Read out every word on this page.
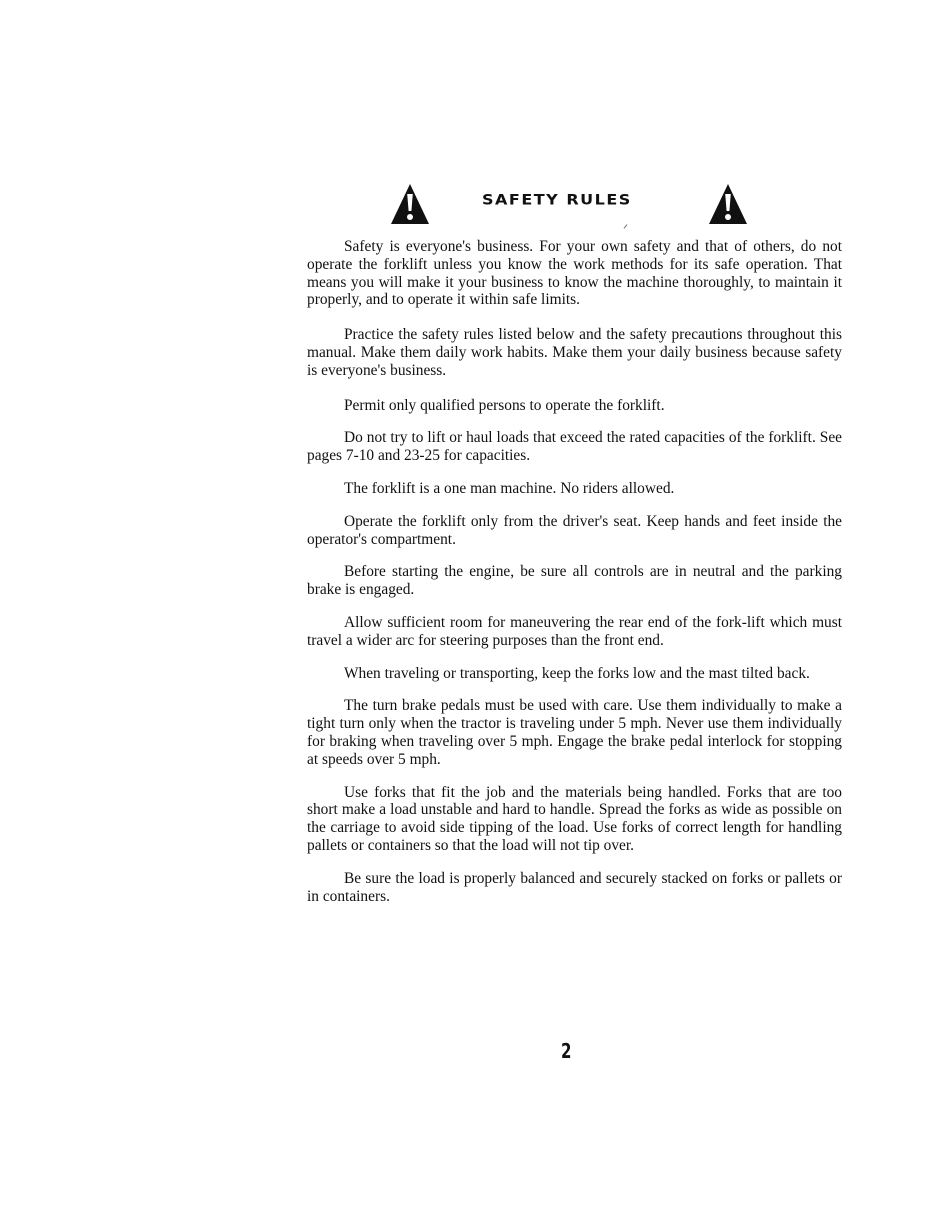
SAFETY RULES

Safety is everyone's business. For your own safety and that of others, do not operate the forklift unless you know the work methods for its safe operation. That means you will make it your business to know the machine thoroughly, to maintain it properly, and to operate it within safe limits.

Practice the safety rules listed below and the safety precautions throughout this manual. Make them daily work habits. Make them your daily business because safety is everyone's business.

Permit only qualified persons to operate the forklift.

Do not try to lift or haul loads that exceed the rated capacities of the forklift. See pages 7-10 and 23-25 for capacities.

The forklift is a one man machine. No riders allowed.

Operate the forklift only from the driver's seat. Keep hands and feet inside the operator's compartment.

Before starting the engine, be sure all controls are in neutral and the parking brake is engaged.

Allow sufficient room for maneuvering the rear end of the fork-lift which must travel a wider arc for steering purposes than the front end.

When traveling or transporting, keep the forks low and the mast tilted back.

The turn brake pedals must be used with care. Use them individually to make a tight turn only when the tractor is traveling under 5 mph. Never use them individually for braking when traveling over 5 mph. Engage the brake pedal interlock for stopping at speeds over 5 mph.

Use forks that fit the job and the materials being handled. Forks that are too short make a load unstable and hard to handle. Spread the forks as wide as possible on the carriage to avoid side tipping of the load. Use forks of correct length for handling pallets or containers so that the load will not tip over.

Be sure the load is properly balanced and securely stacked on forks or pallets or in containers.

2
